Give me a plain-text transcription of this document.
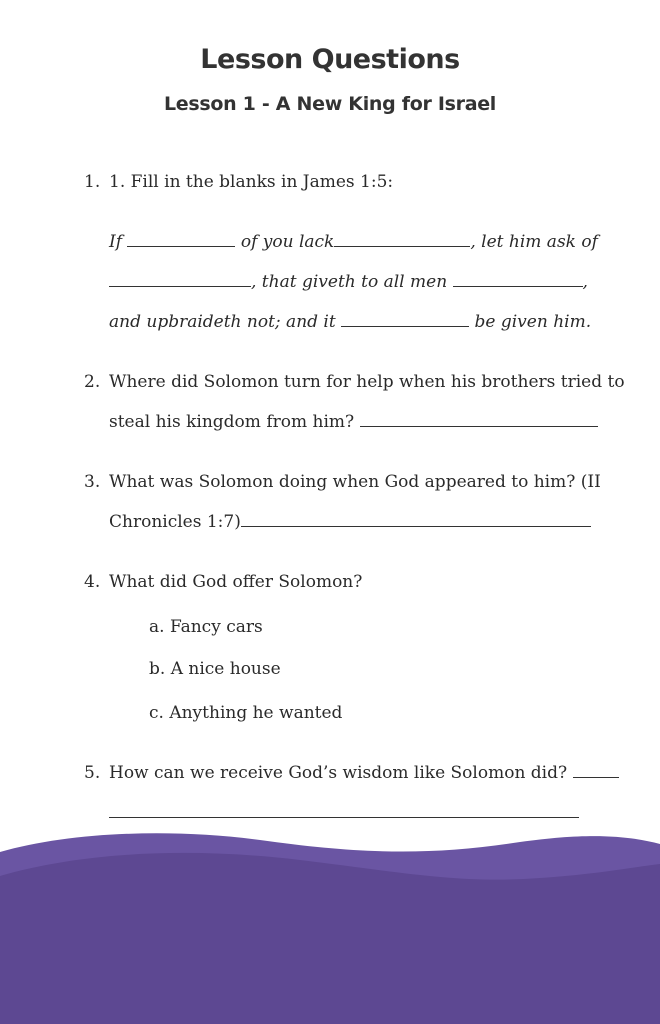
Lesson Questions
Lesson 1 - A New King for Israel
1. 1. Fill in the blanks in James 1:5:
If	of you lack	, let him ask of
, that giveth to all men	,
and upbraideth not; and it	be given him.
2. Where did Solomon turn for help when his brothers tried to
steal his kingdom from him?
3. What was Solomon doing when God appeared to him? (II
Chronicles 1:7)
4. What did God offer Solomon?
a. Fancy cars
b. A nice house
c. Anything he wanted
5. How can we receive God’s wisdom like Solomon did?
